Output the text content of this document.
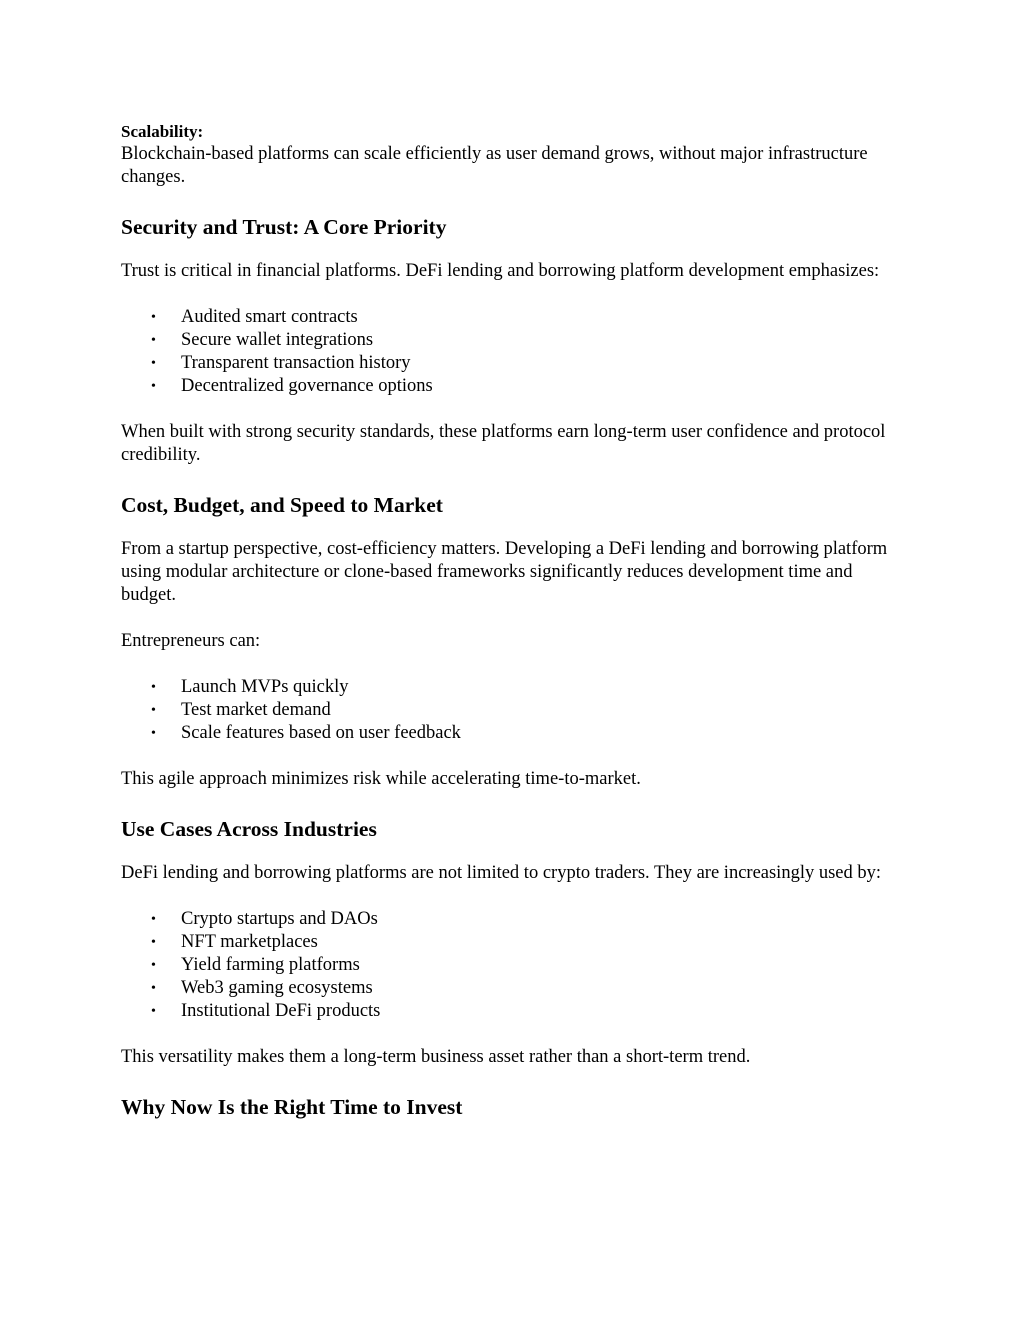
Scalability:

Blockchain-based platforms can scale efficiently as user demand grows, without major infrastructure changes.

Security and Trust: A Core Priority

Trust is critical in financial platforms. DeFi lending and borrowing platform development emphasizes:

• Audited smart contracts
• Secure wallet integrations
• Transparent transaction history
• Decentralized governance options

When built with strong security standards, these platforms earn long-term user confidence and protocol credibility.

Cost, Budget, and Speed to Market

From a startup perspective, cost-efficiency matters. Developing a DeFi lending and borrowing platform using modular architecture or clone-based frameworks significantly reduces development time and budget.

Entrepreneurs can:

• Launch MVPs quickly
• Test market demand
• Scale features based on user feedback

This agile approach minimizes risk while accelerating time-to-market.

Use Cases Across Industries

DeFi lending and borrowing platforms are not limited to crypto traders. They are increasingly used by:

• Crypto startups and DAOs
• NFT marketplaces
• Yield farming platforms
• Web3 gaming ecosystems
• Institutional DeFi products

This versatility makes them a long-term business asset rather than a short-term trend.

Why Now Is the Right Time to Invest
